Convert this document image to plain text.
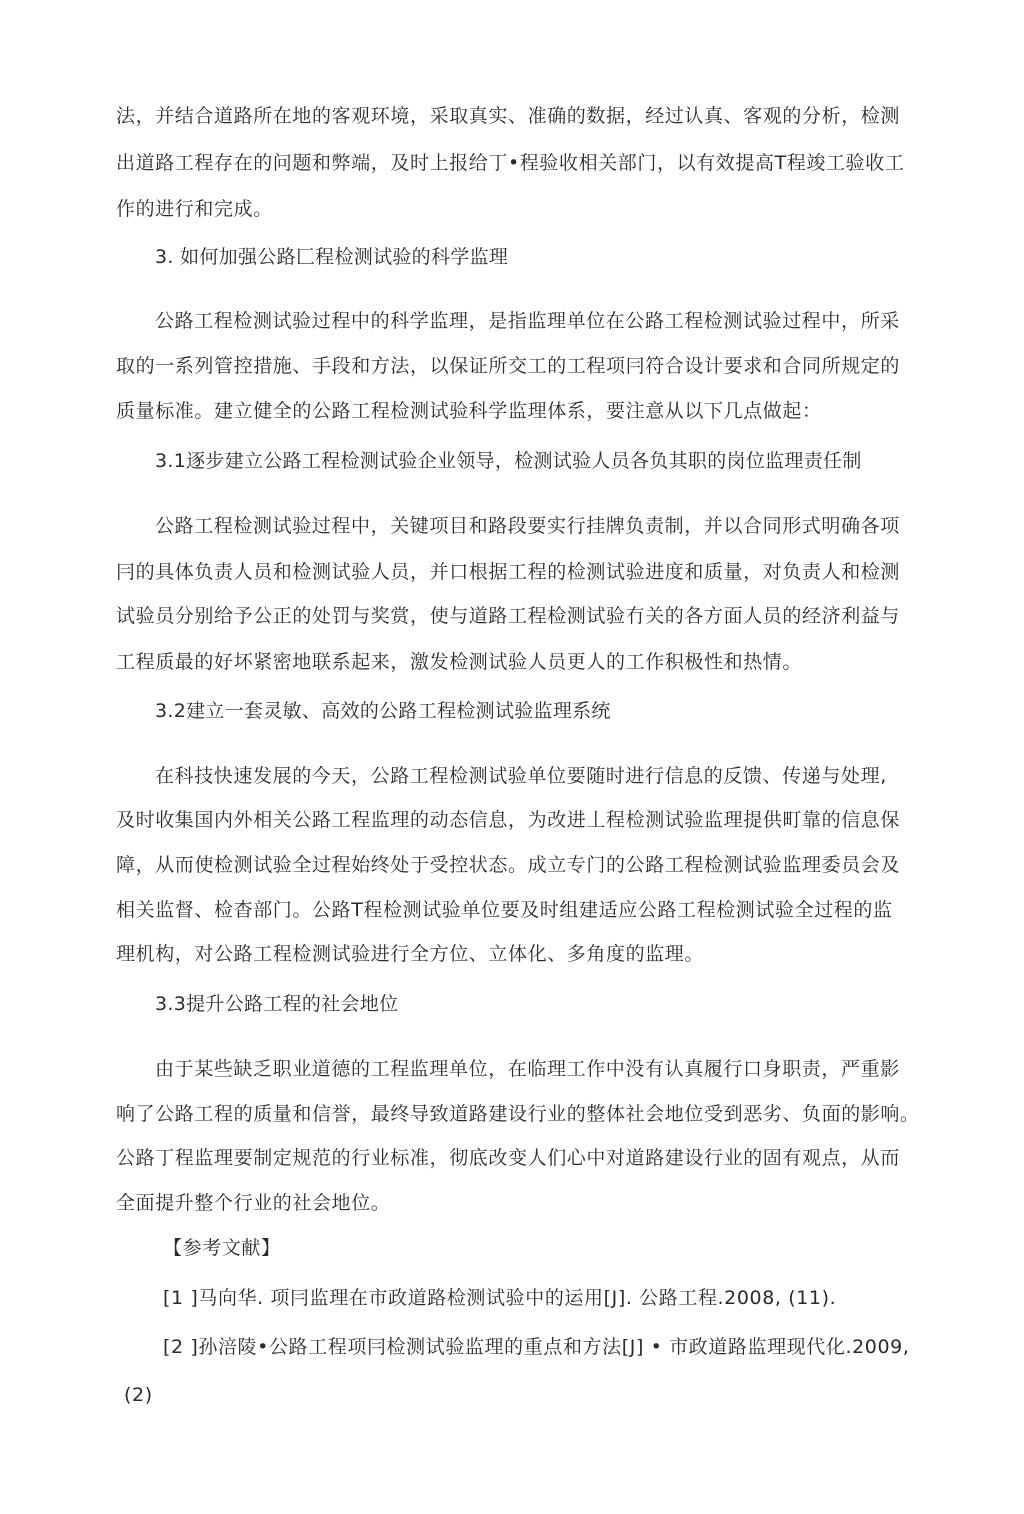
法，并结合道路所在地的客观环境，采取真实、准确的数据，经过认真、客观的分析，检测
出道路工程存在的问题和弊端，及时上报给丁•程验收相关部门，以有效提高T程竣工验收工
作的进行和完成。
3. 如何加强公路匚程检测试验的科学监理
公路工程检测试验过程中的科学监理，是指监理单位在公路工程检测试验过程中，所采
取的一系列管控措施、手段和方法，以保证所交工的工程项冃符合设计要求和合同所规定的
质量标准。建立健全的公路工程检测试验科学监理体系，要注意从以下几点做起：
3.1逐步建立公路工程检测试验企业领导，检测试验人员各负其职的岗位监理责任制
公路工程检测试验过程中，关键项目和路段要实行挂牌负责制，并以合同形式明确各项
冃的具体负责人员和检测试验人员，并口根据工程的检测试验进度和质量，对负责人和检测
试验员分别给予公正的处罚与奖赏，使与道路工程检测试验冇关的各方面人员的经济利益与
工程质最的好坏紧密地联系起来，激发检测试验人员更人的工作积极性和热情。
3.2建立一套灵敏、高效的公路工程检测试验监理系统
在科技快速发展的今天，公路工程检测试验单位要随时进行信息的反馈、传递与处理,
及时收集国内外相关公路工程监理的动态信息，为改进丄程检测试验监理提供町靠的信息保
障，从而使检测试验全过程始终处于受控状态。成立专门的公路工程检测试验监理委员会及
相关监督、检杳部门。公路T程检测试验单位要及时组建适应公路工程检测试验全过程的监
理机构，对公路工程检测试验进行全方位、立体化、多角度的监理。
3.3提升公路工程的社会地位
由于某些缺乏职业道德的工程监理单位，在临理工作中没有认真履行口身职责，严重影
响了公路工程的质量和信誉，最终导致道路建设行业的整体社会地位受到恶劣、负面的影响。
公路丁程监理要制定规范的行业标准，彻底改变人们心中对道路建设行业的固有观点，从而
全面提升整个行业的社会地位。
【参考文献】
[1 ]马向华. 项冃监理在市政道路检测试验中的运用[J]. 公路工程.2008, (11).
[2 ]孙涪陵•公路工程项冃检测试验监理的重点和方法[J] • 市政道路监理现代化.2009,
(2)
